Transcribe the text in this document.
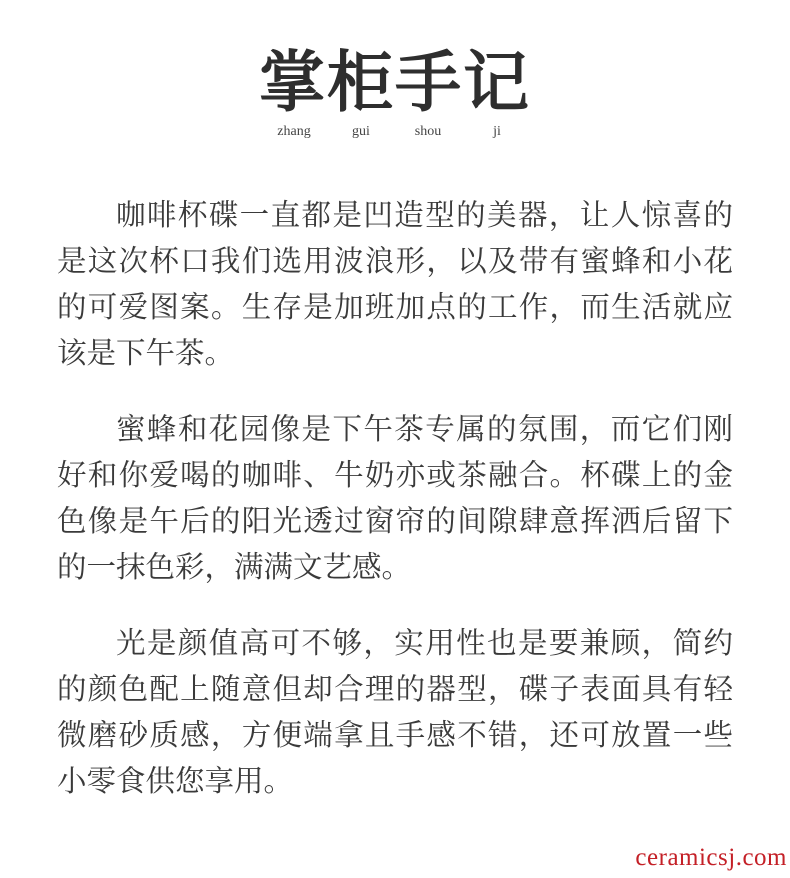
掌柜手记
zhang	gui	shou	ji

咖啡杯碟一直都是凹造型的美器，让人惊喜的是这次杯口我们选用波浪形，以及带有蜜蜂和小花的可爱图案。生存是加班加点的工作，而生活就应该是下午茶。

蜜蜂和花园像是下午茶专属的氛围，而它们刚好和你爱喝的咖啡、牛奶亦或茶融合。杯碟上的金色像是午后的阳光透过窗帘的间隙肆意挥洒后留下的一抹色彩，满满文艺感。

光是颜值高可不够，实用性也是要兼顾，简约的颜色配上随意但却合理的器型，碟子表面具有轻微磨砂质感，方便端拿且手感不错，还可放置一些小零食供您享用。

ceramicsj.com
